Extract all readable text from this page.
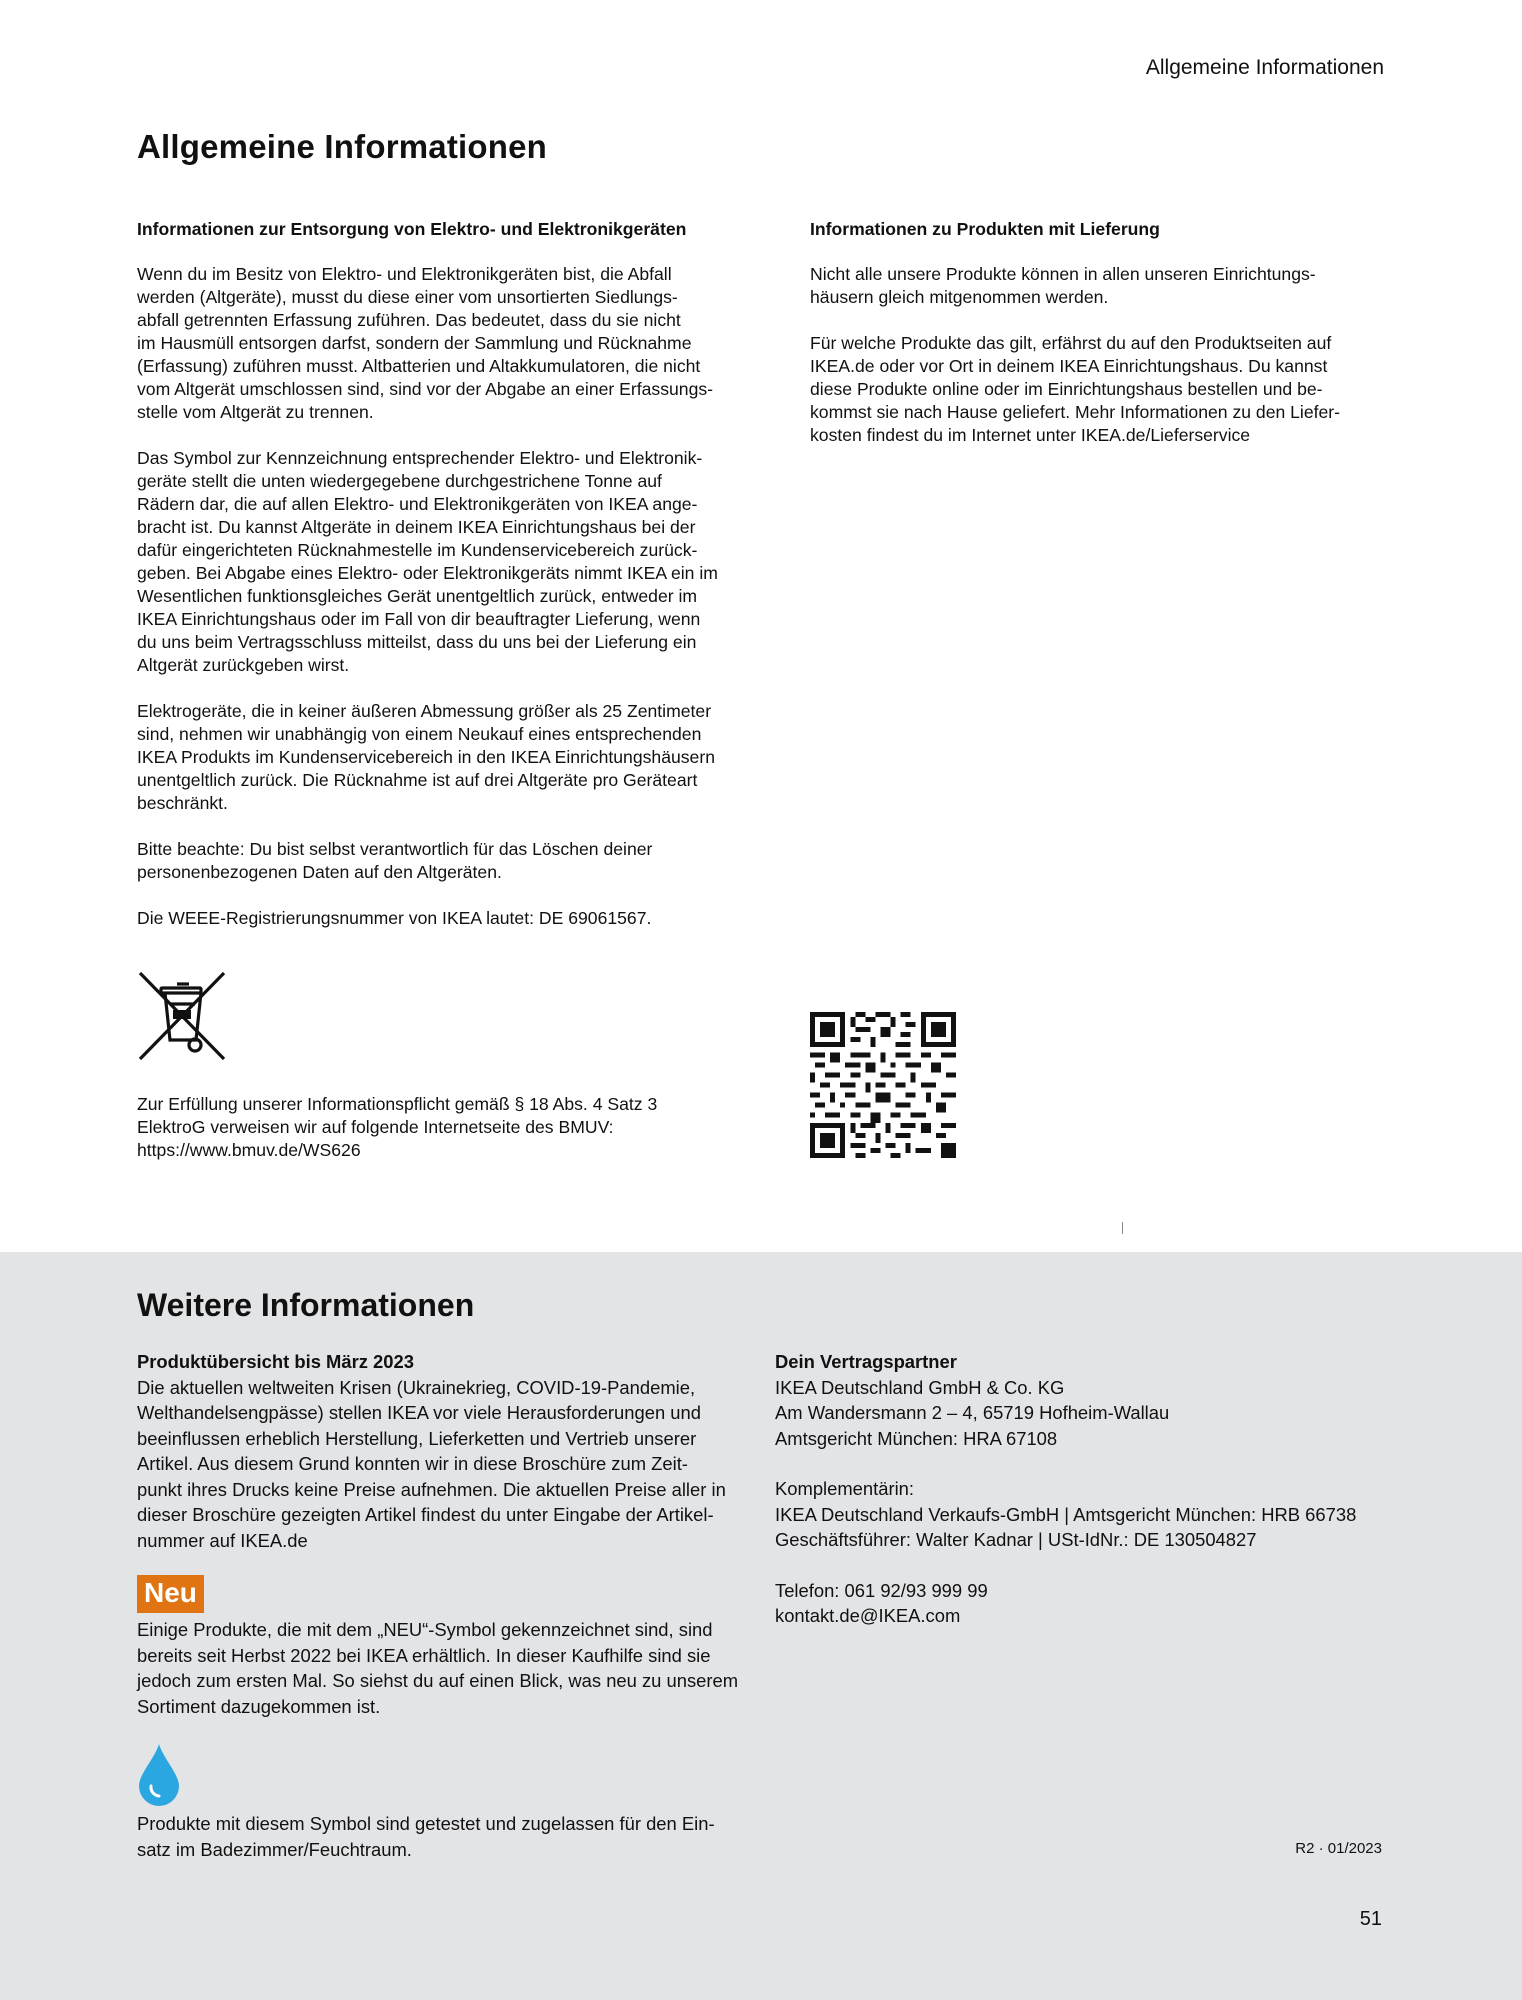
Allgemeine Informationen
Allgemeine Informationen
Informationen zur Entsorgung von Elektro- und Elektronikgeräten

Wenn du im Besitz von Elektro- und Elektronikgeräten bist, die Abfall
werden (Altgeräte), musst du diese einer vom unsortierten Siedlungs-
abfall getrennten Erfassung zuführen. Das bedeutet, dass du sie nicht
im Hausmüll entsorgen darfst, sondern der Sammlung und Rücknahme
(Erfassung) zuführen musst. Altbatterien und Altakkumulatoren, die nicht
vom Altgerät umschlossen sind, sind vor der Abgabe an einer Erfassungs-
stelle vom Altgerät zu trennen.

Das Symbol zur Kennzeichnung entsprechender Elektro- und Elektronik-
geräte stellt die unten wiedergegebene durchgestrichene Tonne auf
Rädern dar, die auf allen Elektro- und Elektronikgeräten von IKEA ange-
bracht ist. Du kannst Altgeräte in deinem IKEA Einrichtungshaus bei der
dafür eingerichteten Rücknahmestelle im Kundenservicebereich zurück-
geben. Bei Abgabe eines Elektro- oder Elektronikgeräts nimmt IKEA ein im
Wesentlichen funktionsgleiches Gerät unentgeltlich zurück, entweder im
IKEA Einrichtungshaus oder im Fall von dir beauftragter Lieferung, wenn
du uns beim Vertragsschluss mitteilst, dass du uns bei der Lieferung ein
Altgerät zurückgeben wirst.

Elektrogeräte, die in keiner äußeren Abmessung größer als 25 Zentimeter
sind, nehmen wir unabhängig von einem Neukauf eines entsprechenden
IKEA Produkts im Kundenservicebereich in den IKEA Einrichtungshäusern
unentgeltlich zurück. Die Rücknahme ist auf drei Altgeräte pro Geräteart
beschränkt.

Bitte beachte: Du bist selbst verantwortlich für das Löschen deiner
personenbezogenen Daten auf den Altgeräten.

Die WEEE-Registrierungsnummer von IKEA lautet: DE 69061567.

Zur Erfüllung unserer Informationspflicht gemäß § 18 Abs. 4 Satz 3
ElektroG verweisen wir auf folgende Internetseite des BMUV:
https://www.bmuv.de/WS626
Informationen zu Produkten mit Lieferung

Nicht alle unsere Produkte können in allen unseren Einrichtungs-
häusern gleich mitgenommen werden.

Für welche Produkte das gilt, erfährst du auf den Produktseiten auf
IKEA.de oder vor Ort in deinem IKEA Einrichtungshaus. Du kannst
diese Produkte online oder im Einrichtungshaus bestellen und be-
kommst sie nach Hause geliefert. Mehr Informationen zu den Liefer-
kosten findest du im Internet unter IKEA.de/Lieferservice

Weitere Informationen
Produktübersicht bis März 2023
Die aktuellen weltweiten Krisen (Ukrainekrieg, COVID-19-Pandemie,
Welthandelsengpässe) stellen IKEA vor viele Herausforderungen und
beeinflussen erheblich Herstellung, Lieferketten und Vertrieb unserer
Artikel. Aus diesem Grund konnten wir in diese Broschüre zum Zeit-
punkt ihres Drucks keine Preise aufnehmen. Die aktuellen Preise aller in
dieser Broschüre gezeigten Artikel findest du unter Eingabe der Artikel-
nummer auf IKEA.de
Neu
Einige Produkte, die mit dem „NEU“-Symbol gekennzeichnet sind, sind
bereits seit Herbst 2022 bei IKEA erhältlich. In dieser Kaufhilfe sind sie
jedoch zum ersten Mal. So siehst du auf einen Blick, was neu zu unserem
Sortiment dazugekommen ist.
Produkte mit diesem Symbol sind getestet und zugelassen für den Ein-
satz im Badezimmer/Feuchtraum.
Dein Vertragspartner
IKEA Deutschland GmbH & Co. KG
Am Wandersmann 2 – 4, 65719 Hofheim-Wallau
Amtsgericht München: HRA 67108
Komplementärin:
IKEA Deutschland Verkaufs-GmbH | Amtsgericht München: HRB 66738
Geschäftsführer: Walter Kadnar | USt-IdNr.: DE 130504827
Telefon: 061 92/93 999 99
kontakt.de@IKEA.com
R2 · 01/2023
51
